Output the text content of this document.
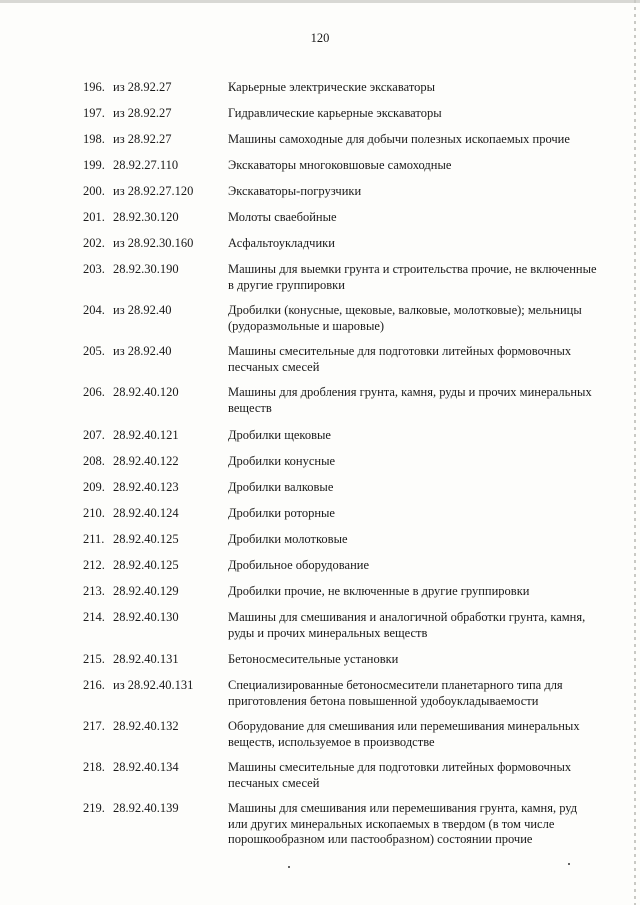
120
196. из 28.92.27	Карьерные электрические экскаваторы
197. из 28.92.27	Гидравлические карьерные экскаваторы
198. из 28.92.27	Машины самоходные для добычи полезных ископаемых прочие
199. 28.92.27.110	Экскаваторы многоковшовые самоходные
200. из 28.92.27.120	Экскаваторы-погрузчики
201. 28.92.30.120	Молоты сваебойные
202. из 28.92.30.160	Асфальтоукладчики
203. 28.92.30.190	Машины для выемки грунта и строительства прочие, не включенные в другие группировки
204. из 28.92.40	Дробилки (конусные, щековые, валковые, молотковые); мельницы (рудоразмольные и шаровые)
205. из 28.92.40	Машины смесительные для подготовки литейных формовочных песчаных смесей
206. 28.92.40.120	Машины для дробления грунта, камня, руды и прочих минеральных веществ
207. 28.92.40.121	Дробилки щековые
208. 28.92.40.122	Дробилки конусные
209. 28.92.40.123	Дробилки валковые
210. 28.92.40.124	Дробилки роторные
211. 28.92.40.125	Дробилки молотковые
212. 28.92.40.125	Дробильное оборудование
213. 28.92.40.129	Дробилки прочие, не включенные в другие группировки
214. 28.92.40.130	Машины для смешивания и аналогичной обработки грунта, камня, руды и прочих минеральных веществ
215. 28.92.40.131	Бетоносмесительные установки
216. из 28.92.40.131	Специализированные бетоносмесители планетарного типа для приготовления бетона повышенной удобоукладываемости
217. 28.92.40.132	Оборудование для смешивания или перемешивания минеральных веществ, используемое в производстве
218. 28.92.40.134	Машины смесительные для подготовки литейных формовочных песчаных смесей
219. 28.92.40.139	Машины для смешивания или перемешивания грунта, камня, руд или других минеральных ископаемых в твердом (в том числе порошкообразном или пастообразном) состоянии прочие
